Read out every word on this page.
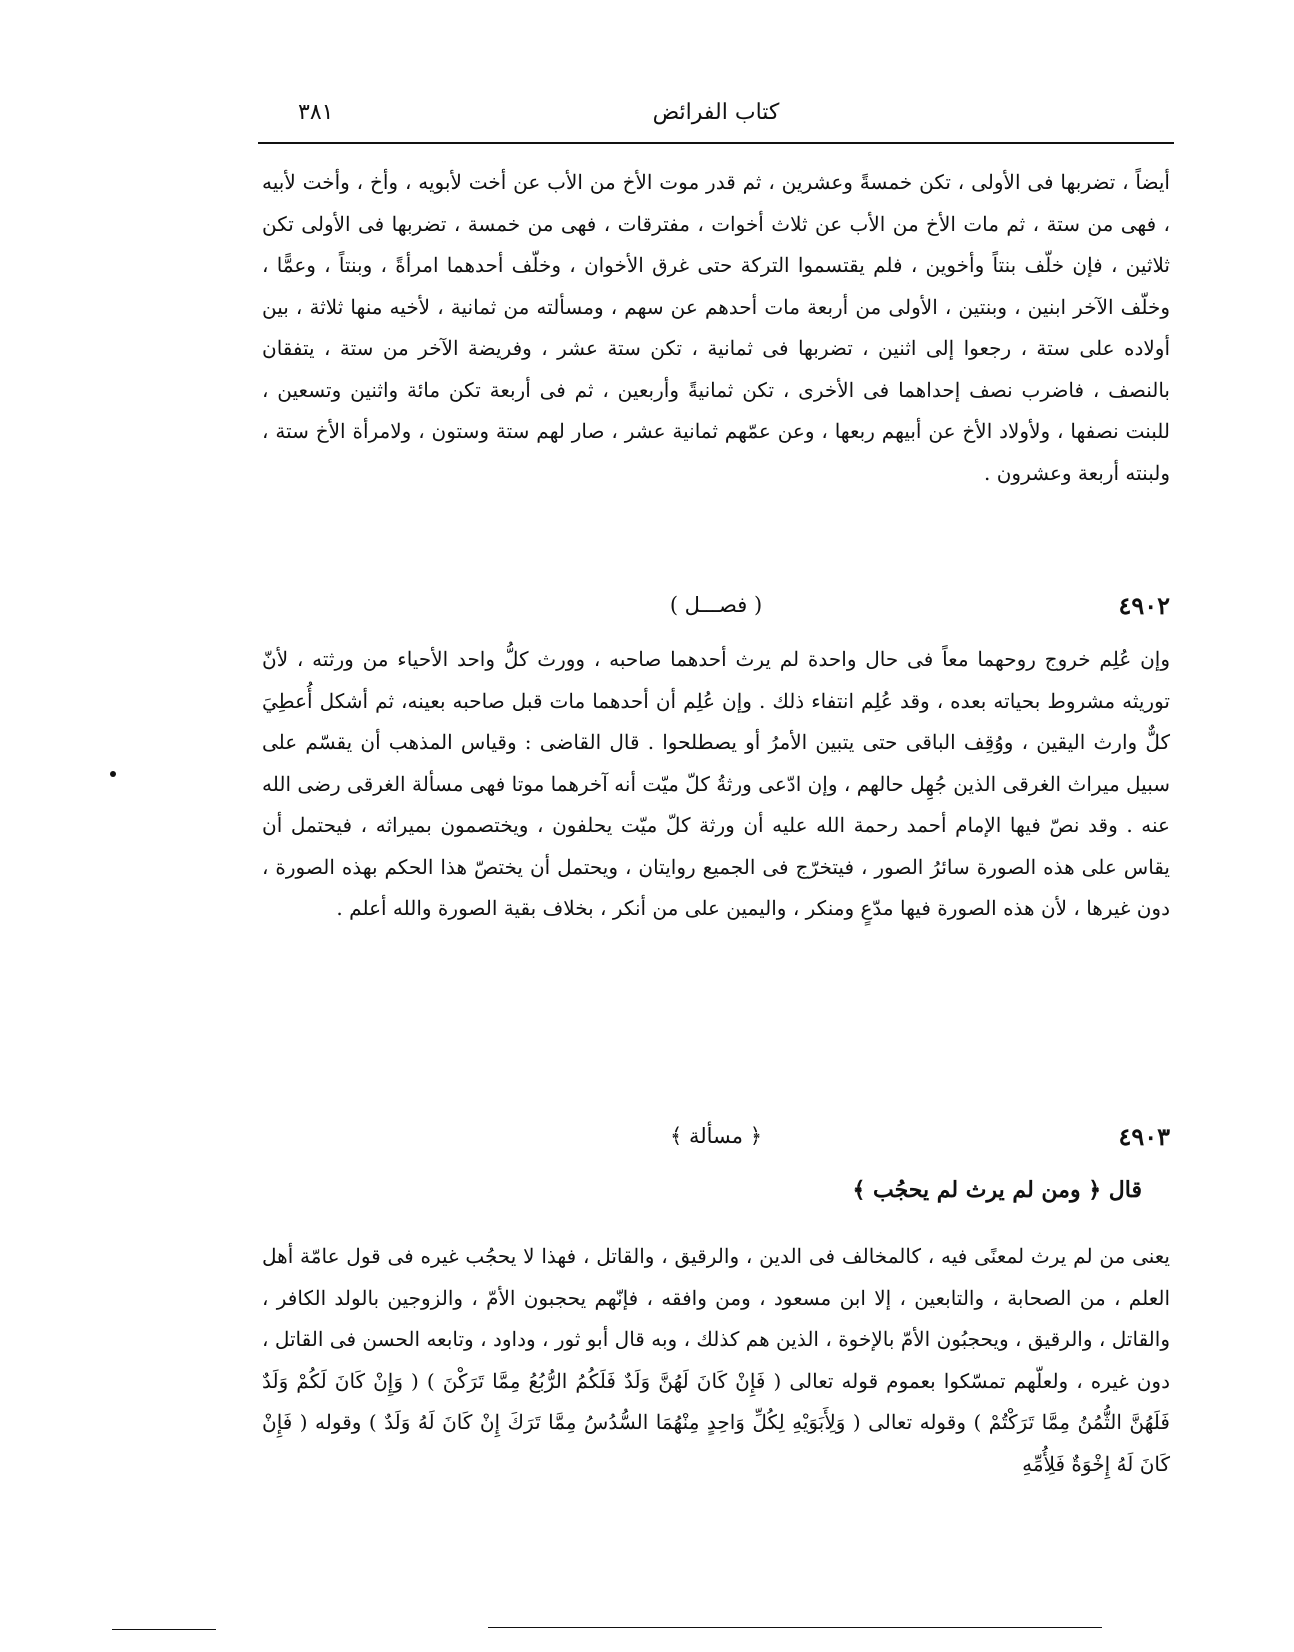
كتاب الفرائض
٣٨١
أيضاً ، تضربها فى الأولى ، تكن خمسةً وعشرين ، ثم قدر موت الأخ من الأب عن أخت لأبويه ، وأخ ، وأخت لأبيه ، فهى من ستة ، ثم مات الأخ من الأب عن ثلاث أخوات ، مفترقات ، فهى من خمسة ، تضربها فى الأولى تكن ثلاثين ، فإن خلّف بنتاً وأخوين ، فلم يقتسموا التركة حتى غرق الأخوان ، وخلّف أحدهما امرأةً ، وبنتاً ، وعمًّا ، وخلّف الآخر ابنين ، وبنتين ، الأولى من أربعة مات أحدهم عن سهم ، ومسألته من ثمانية ، لأخيه منها ثلاثة ، بين أولاده على ستة ، رجعوا إلى اثنين ، تضربها فى ثمانية ، تكن ستة عشر ، وفريضة الآخر من ستة ، يتفقان بالنصف ، فاضرب نصف إحداهما فى الأخرى ، تكن ثمانيةً وأربعين ، ثم فى أربعة تكن مائة واثنين وتسعين ، للبنت نصفها ، ولأولاد الأخ عن أبيهم ربعها ، وعن عمّهم ثمانية عشر ، صار لهم ستة وستون ، ولامرأة الأخ ستة ، ولبنته أربعة وعشرون .
٤٩٠٢
( فصـــل )
وإن عُلِم خروج روحهما معاً فى حال واحدة لم يرث أحدهما صاحبه ، وورث كلُّ واحد الأحياء من ورثته ، لأنّ توريثه مشروط بحياته بعده ، وقد عُلِم انتفاء ذلك . وإن عُلِم أن أحدهما مات قبل صاحبه بعينه، ثم أشكل أُعطِيَ كلٌّ وارث اليقين ، ووُقِف الباقى حتى يتبين الأمرُ أو يصطلحوا . قال القاضى : وقياس المذهب أن يقسّم على سبيل ميراث الغرقى الذين جُهِل حالهم ، وإن ادّعى ورثةُ كلّ ميّت أنه آخرهما موتا فهى مسألة الغرقى رضى الله عنه . وقد نصّ فيها الإمام أحمد رحمة الله عليه أن ورثة كلّ ميّت يحلفون ، ويختصمون بميراثه ، فيحتمل أن يقاس على هذه الصورة سائرُ الصور ، فيتخرّج فى الجميع روايتان ، ويحتمل أن يختصّ هذا الحكم بهذه الصورة ، دون غيرها ، لأن هذه الصورة فيها مدّعٍ ومنكر ، واليمين على من أنكر ، بخلاف بقية الصورة والله أعلم .
٤٩٠٣
﴿ مسألة ﴾
قال ﴿ ومن لم يرث لم يحجُب ﴾
يعنى من لم يرث لمعنًى فيه ، كالمخالف فى الدين ، والرقيق ، والقاتل ، فهذا لا يحجُب غيره فى قول عامّة أهل العلم ، من الصحابة ، والتابعين ، إلا ابن مسعود ، ومن وافقه ، فإنّهم يحجبون الأمّ ، والزوجين بالولد الكافر ، والقاتل ، والرقيق ، ويحجبُون الأمّ بالإخوة ، الذين هم كذلك ، وبه قال أبو ثور ، وداود ، وتابعه الحسن فى القاتل ، دون غيره ، ولعلّهم تمسّكوا بعموم قوله تعالى ( فَإِنْ كَانَ لَهُنَّ وَلَدٌ فَلَكُمُ الرُّبُعُ مِمَّا تَرَكْنَ ) ( وَإِنْ كَانَ لَكُمْ وَلَدٌ فَلَهُنَّ الثُّمُنُ مِمَّا تَرَكْتُمْ ) وقوله تعالى ( وَلِأَبَوَيْهِ لِكُلِّ وَاحِدٍ مِنْهُمَا السُّدُسُ مِمَّا تَرَكَ إِنْ كَانَ لَهُ وَلَدٌ ) وقوله ( فَإِنْ كَانَ لَهُ إِخْوَةٌ فَلِأُمِّهِ
